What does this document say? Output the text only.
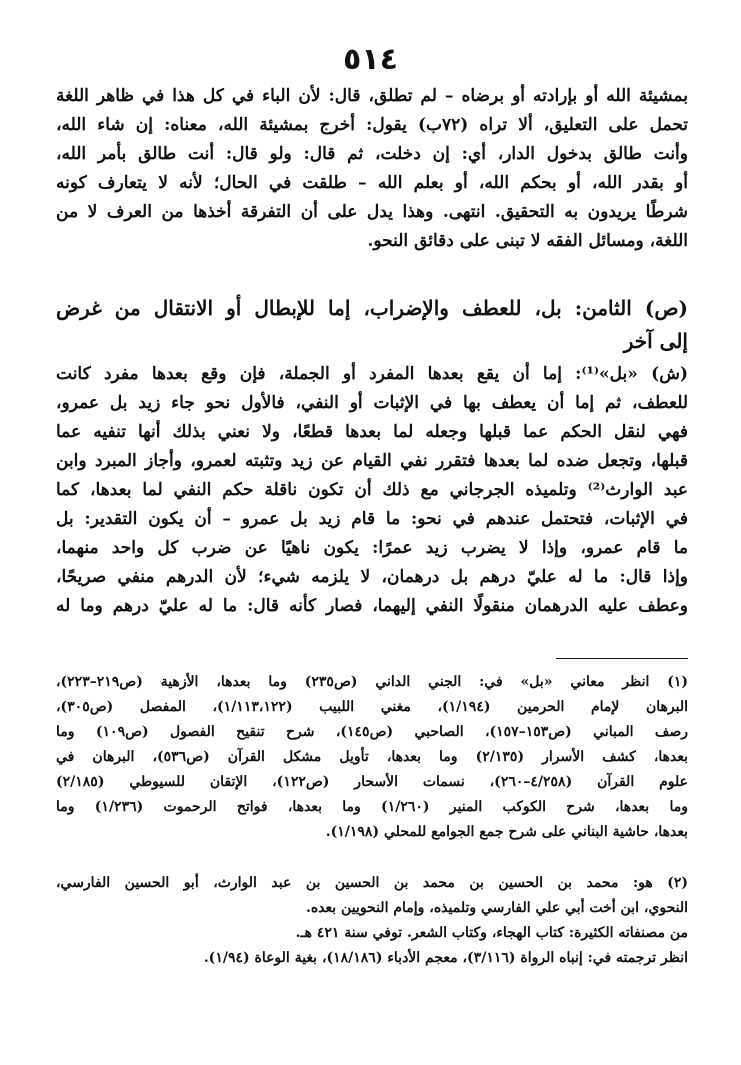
٥١٤
بمشيئة الله أو بإرادته أو برضاه – لم تطلق، قال: لأن الباء في كل هذا في ظاهر اللغة
تحمل على التعليق، ألا تراه (٧٢ب) يقول: أخرج بمشيئة الله، معناه: إن شاء الله،
وأنت طالق بدخول الدار، أي: إن دخلت، ثم قال: ولو قال: أنت طالق بأمر الله،
أو بقدر الله، أو بحكم الله، أو بعلم الله – طلقت في الحال؛ لأنه لا يتعارف كونه
شرطًا يريدون به التحقيق. انتهى. وهذا يدل على أن التفرقة أخذها من العرف لا من
اللغة، ومسائل الفقه لا تبنى على دقائق النحو.
(ص) الثامن: بل، للعطف والإضراب، إما للإبطال أو الانتقال من غرض
إلى آخر
(ش) «بل»⁽¹⁾: إما أن يقع بعدها المفرد أو الجملة، فإن وقع بعدها مفرد كانت
للعطف، ثم إما أن يعطف بها في الإثبات أو النفي، فالأول نحو جاء زيد بل عمرو،
فهي لنقل الحكم عما قبلها وجعله لما بعدها قطعًا، ولا نعني بذلك أنها تنفيه عما
قبلها، وتجعل ضده لما بعدها فتقرر نفي القيام عن زيد وتثبته لعمرو، وأجاز المبرد وابن
عبد الوارث⁽²⁾ وتلميذه الجرجاني مع ذلك أن تكون ناقلة حكم النفي لما بعدها، كما
في الإثبات، فتحتمل عندهم في نحو: ما قام زيد بل عمرو – أن يكون التقدير: بل
ما قام عمرو، وإذا لا يضرب زيد عمرًا: يكون ناهيًا عن ضرب كل واحد منهما،
وإذا قال: ما له عليّ درهم بل درهمان، لا يلزمه شيء؛ لأن الدرهم منفي صريحًا،
وعطف عليه الدرهمان منقولًا النفي إليهما، فصار كأنه قال: ما له عليّ درهم وما له
(١) انظر معاني «بل» في: الجني الداني (ص٢٣٥) وما بعدها، الأزهية (ص٢١٩–٢٢٣)،
البرهان لإمام الحرمين (١/١٩٤)، مغني اللبيب (١/١١٣،١٢٢)، المفصل (ص٣٠٥)،
رصف المباني (ص١٥٣–١٥٧)، الصاحبي (ص١٤٥)، شرح تنقيح الفصول (ص١٠٩) وما
بعدها، كشف الأسرار (٢/١٣٥) وما بعدها، تأويل مشكل القرآن (ص٥٣٦)، البرهان في
علوم القرآن (٤/٢٥٨–٢٦٠)، نسمات الأسحار (ص١٢٢)، الإتقان للسيوطي (٢/١٨٥)
وما بعدها، شرح الكوكب المنير (١/٢٦٠) وما بعدها، فواتح الرحموت (١/٢٣٦) وما
بعدها، حاشية البناني على شرح جمع الجوامع للمحلي (١/١٩٨).
(٢) هو: محمد بن الحسين بن محمد بن الحسين بن عبد الوارث، أبو الحسين الفارسي،
النحوي، ابن أخت أبي علي الفارسي وتلميذه، وإمام النحويين بعده.
من مصنفاته الكثيرة: كتاب الهجاء، وكتاب الشعر. توفي سنة ٤٢١ هـ.
انظر ترجمته في: إنباه الرواة (٣/١١٦)، معجم الأدباء (١٨/١٨٦)، بغية الوعاة (١/٩٤).
